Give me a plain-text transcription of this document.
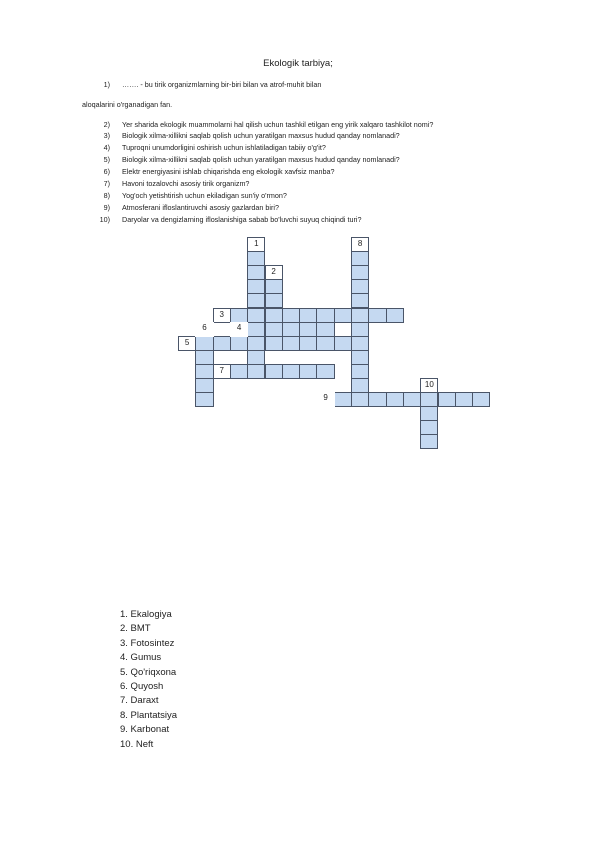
Ekologik tarbiya;
1) ……. - bu tirik organizmlarning bir-biri bilan va atrof-muhit bilan
aloqalarini o'rganadigan fan.
2) Yer sharida ekologik muammolarni hal qilish uchun tashkil etilgan eng yirik xalqaro tashkilot nomi?
3) Biologik xilma-xillikni saqlab qolish uchun yaratilgan maxsus hudud qanday nomlanadi?
4) Tuproqni unumdorligini oshirish uchun ishlatiladigan tabiiy o'g'it?
5) Biologik xilma-xillikni saqlab qolish uchun yaratilgan maxsus hudud qanday nomlanadi?
6) Elektr energiyasini ishlab chiqarishda eng ekologik xavfsiz manba?
7) Havoni tozalovchi asosiy tirik organizm?
8) Yog'och yetishtirish uchun ekiladigan sun'iy o'rmon?
9) Atmosferani ifloslantiruvchi asosiy gazlardan biri?
10) Daryolar va dengizlarning ifloslanishiga sabab bo'luvchi suyuq chiqindi turi?
1
2
3
4
5
6
7
8
9
10
1. Ekalogiya
2. BMT
3. Fotosintez
4. Gumus
5. Qo'riqxona
6. Quyosh
7. Daraxt
8. Plantatsiya
9. Karbonat
10. Neft
